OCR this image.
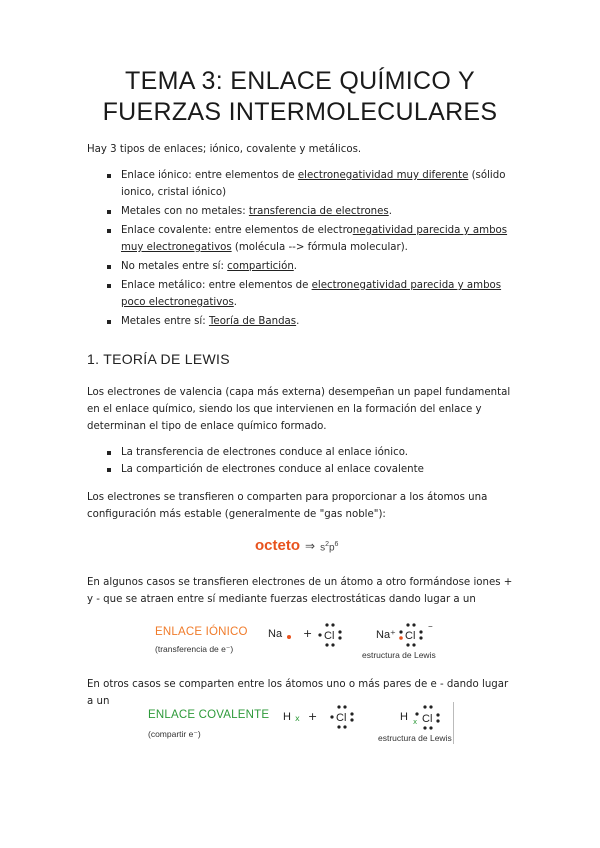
TEMA 3: ENLACE QUÍMICO Y
FUERZAS INTERMOLECULARES
Hay 3 tipos de enlaces; iónico, covalente y metálicos.
Enlace iónico: entre elementos de electronegatividad muy diferente (sólido ionico, cristal iónico)
Metales con no metales: transferencia de electrones.
Enlace covalente: entre elementos de electronegatividad parecida y ambos muy electronegativos (molécula --> fórmula molecular).
No metales entre sí: compartición.
Enlace metálico: entre elementos de electronegatividad parecida y ambos poco electronegativos.
Metales entre sí: Teoría de Bandas.
1. TEORÍA DE LEWIS
Los electrones de valencia (capa más externa) desempeñan un papel fundamental en el enlace químico, siendo los que intervienen en la formación del enlace y determinan el tipo de enlace químico formado.
La transferencia de electrones conduce al enlace iónico.
La compartición de electrones conduce al enlace covalente
Los electrones se transfieren o comparten para proporcionar a los átomos una configuración más estable (generalmente de "gas noble"):
octeto ⇒ $s^2p^6$
En algunos casos se transfieren electrones de un átomo a otro formándose iones + y - que se atraen entre sí mediante fuerzas electrostáticas dando lugar a un
ENLACE IÓNICO
(transferencia de e⁻)
Na + Cl	Na⁺ Cl
−
estructura de Lewis
En otros casos se comparten entre los átomos uno o más pares de e - dando lugar a un
ENLACE COVALENTE
(compartir e⁻)
H x + Cl	H Cl
x
estructura de Lewis
